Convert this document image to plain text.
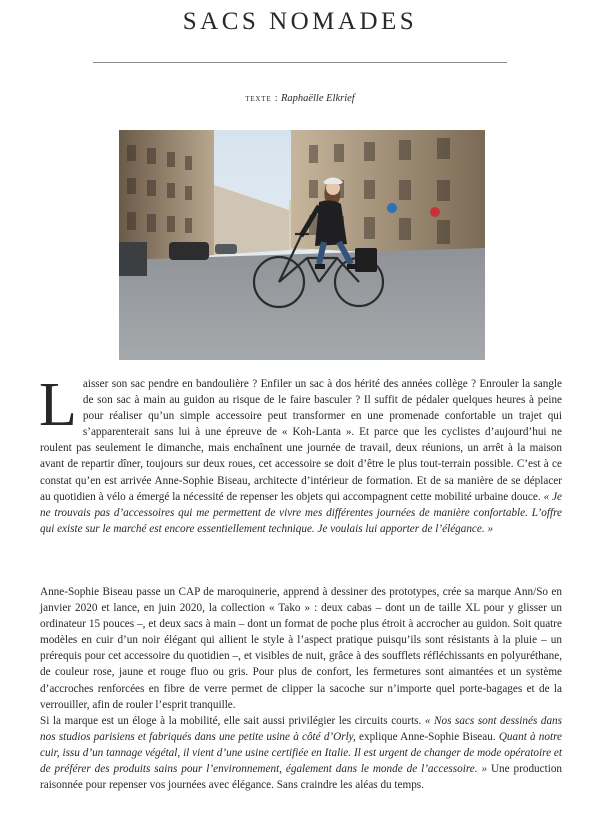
SACS NOMADES
texte : Raphaëlle Elkrief

Laisser son sac pendre en bandoulière ? Enfiler un sac à dos hérité des années collège ? Enrouler la sangle de son sac à main au guidon au risque de le faire basculer ? Il suffit de pédaler quelques heures à peine pour réaliser qu’un simple accessoire peut transformer en une promenade confortable un trajet qui s’apparenterait sans lui à une épreuve de « Koh-Lanta ». Et parce que les cyclistes d’aujourd’hui ne roulent pas seulement le dimanche, mais enchaînent une journée de travail, deux réunions, un arrêt à la maison avant de repartir dîner, toujours sur deux roues, cet accessoire se doit d’être le plus tout-terrain possible. C’est à ce constat qu’en est arrivée Anne-Sophie Biseau, architecte d’intérieur de formation. Et de sa manière de se déplacer au quotidien à vélo a émergé la nécessité de repenser les objets qui accompagnent cette mobilité urbaine douce. « Je ne trouvais pas d’accessoires qui me permettent de vivre mes différentes journées de manière confortable. L’offre qui existe sur le marché est encore essentiellement technique. Je voulais lui apporter de l’élégance. »

Anne-Sophie Biseau passe un CAP de maroquinerie, apprend à dessiner des prototypes, crée sa marque Ann/So en janvier 2020 et lance, en juin 2020, la collection « Tako » : deux cabas – dont un de taille XL pour y glisser un ordinateur 15 pouces –, et deux sacs à main – dont un format de poche plus étroit à accrocher au guidon. Soit quatre modèles en cuir d’un noir élégant qui allient le style à l’aspect pratique puisqu’ils sont résistants à la pluie – un prérequis pour cet accessoire du quotidien –, et visibles de nuit, grâce à des soufflets réfléchissants en polyuréthane, de couleur rose, jaune et rouge fluo ou gris. Pour plus de confort, les fermetures sont aimantées et un système d’accroches renforcées en fibre de verre permet de clipper la sacoche sur n’importe quel porte-bagages et de la verrouiller, afin de rouler l’esprit tranquille.

Si la marque est un éloge à la mobilité, elle sait aussi privilégier les circuits courts. « Nos sacs sont dessinés dans nos studios parisiens et fabriqués dans une petite usine à côté d’Orly, explique Anne-Sophie Biseau. Quant à notre cuir, issu d’un tannage végétal, il vient d’une usine certifiée en Italie. Il est urgent de changer de mode opératoire et de préférer des produits sains pour l’environnement, également dans le monde de l’accessoire. » Une production raisonnée pour repenser vos journées avec élégance. Sans craindre les aléas du temps.
